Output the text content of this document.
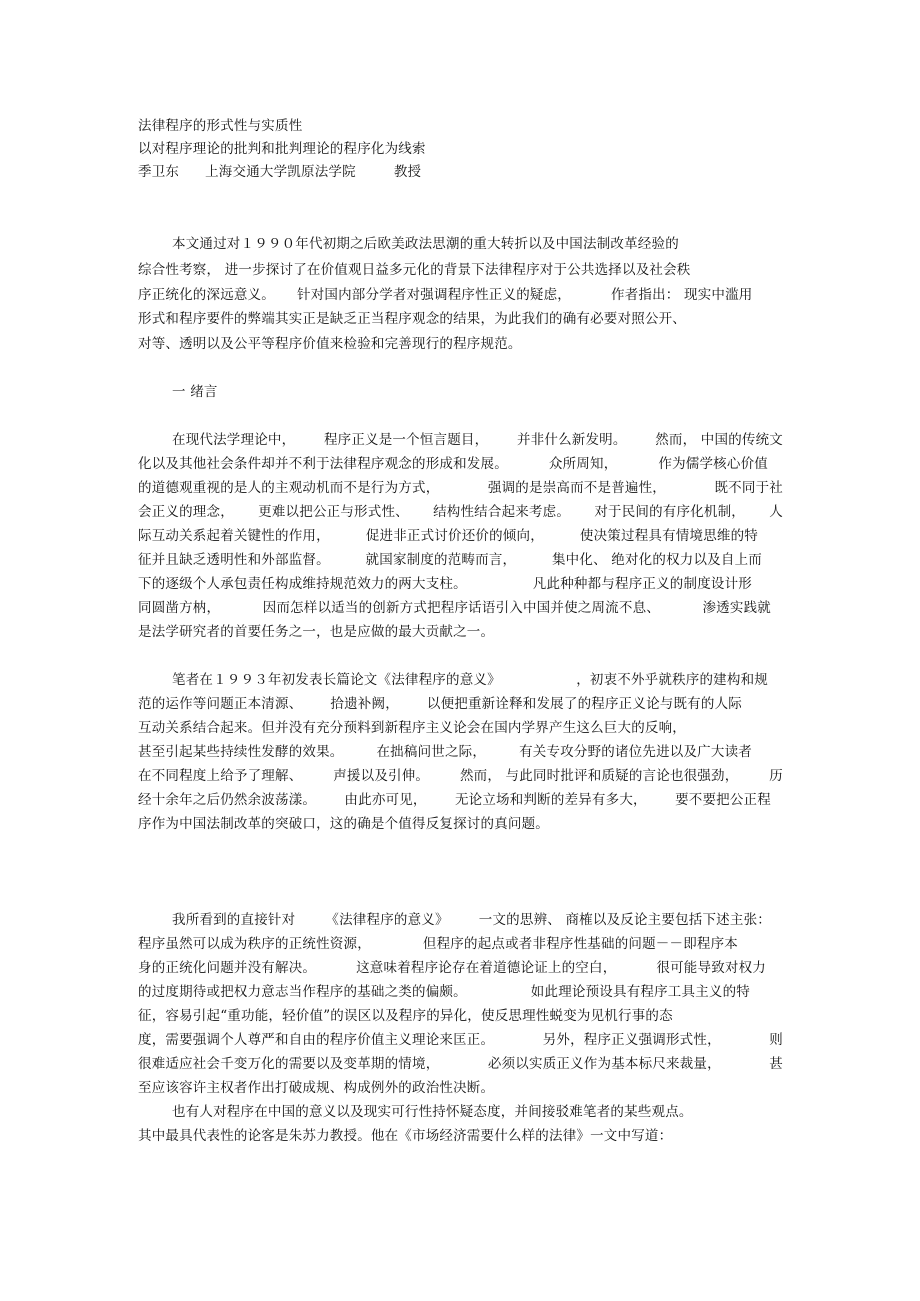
法律程序的形式性与实质性
以对程序理论的批判和批判理论的程序化为线索
季卫东 上海交通大学凯原法学院	教授
本文通过对１９９０年代初期之后欧美政法思潮的重大转折以及中国法制改革经验的
综合性考察， 进一步探讨了在价值观日益多元化的背景下法律程序对于公共选择以及社会秩
序正统化的深远意义。 针对国内部分学者对强调程序性正义的疑虑，	作者指出： 现实中滥用
形式和程序要件的弊端其实正是缺乏正当程序观念的结果，为此我们的确有必要对照公开、
对等、透明以及公平等程序价值来检验和完善现行的程序规范。
一 绪言
在现代法学理论中， 程序正义是一个恒言题目， 并非什么新发明。 然而， 中国的传统文
化以及其他社会条件却并不利于法律程序观念的形成和发展。	众所周知，	作为儒学核心价值
的道德观重视的是人的主观动机而不是行为方式，	强调的是崇高而不是普遍性，	既不同于社
会正义的理念， 更难以把公正与形式性、 结构性结合起来考虑。 对于民间的有序化机制， 人
际互动关系起着关键性的作用，	促进非正式讨价还价的倾向，	使决策过程具有情境思维的特
征并且缺乏透明性和外部监督。	就国家制度的范畴而言，	集中化、 绝对化的权力以及自上而
下的逐级个人承包责任构成维持规范效力的两大支柱。	凡此种种都与程序正义的制度设计形
同圆凿方枘，	因而怎样以适当的创新方式把程序话语引入中国并使之周流不息、	渗透实践就
是法学研究者的首要任务之一，也是应做的最大贡献之一。
笔者在１９９３年初发表长篇论文《法律程序的意义》	，初衷不外乎就秩序的建构和规
范的运作等问题正本清源、 拾遗补阙， 以便把重新诠释和发展了的程序正义论与既有的人际
互动关系结合起来。但并没有充分预料到新程序主义论会在国内学界产生这么巨大的反响，
甚至引起某些持续性发酵的效果。 在拙稿问世之际， 有关专攻分野的诸位先进以及广大读者
在不同程度上给予了理解、 声援以及引伸。 然而， 与此同时批评和质疑的言论也很强劲， 历
经十余年之后仍然余波荡漾。 由此亦可见， 无论立场和判断的差异有多大， 要不要把公正程
序作为中国法制改革的突破口，这的确是个值得反复探讨的真问题。
我所看到的直接针对 《法律程序的意义》 一文的思辨、 商榷以及反论主要包括下述主张：
程序虽然可以成为秩序的正统性资源，	但程序的起点或者非程序性基础的问题－－即程序本
身的正统化问题并没有解决。	这意味着程序论存在着道德论证上的空白，	很可能导致对权力
的过度期待或把权力意志当作程序的基础之类的偏颇。	如此理论预设具有程序工具主义的特
征，容易引起“重功能，轻价值”的误区以及程序的异化，使反思理性蜕变为见机行事的态
度，需要强调个人尊严和自由的程序价值主义理论来匡正。	另外，程序正义强调形式性，	则
很难适应社会千变万化的需要以及变革期的情境，	必须以实质正义作为基本标尺来裁量，	甚
至应该容许主权者作出打破成规、构成例外的政治性决断。
也有人对程序在中国的意义以及现实可行性持怀疑态度，并间接驳难笔者的某些观点。
其中最具代表性的论客是朱苏力教授。他在《市场经济需要什么样的法律》一文中写道：
